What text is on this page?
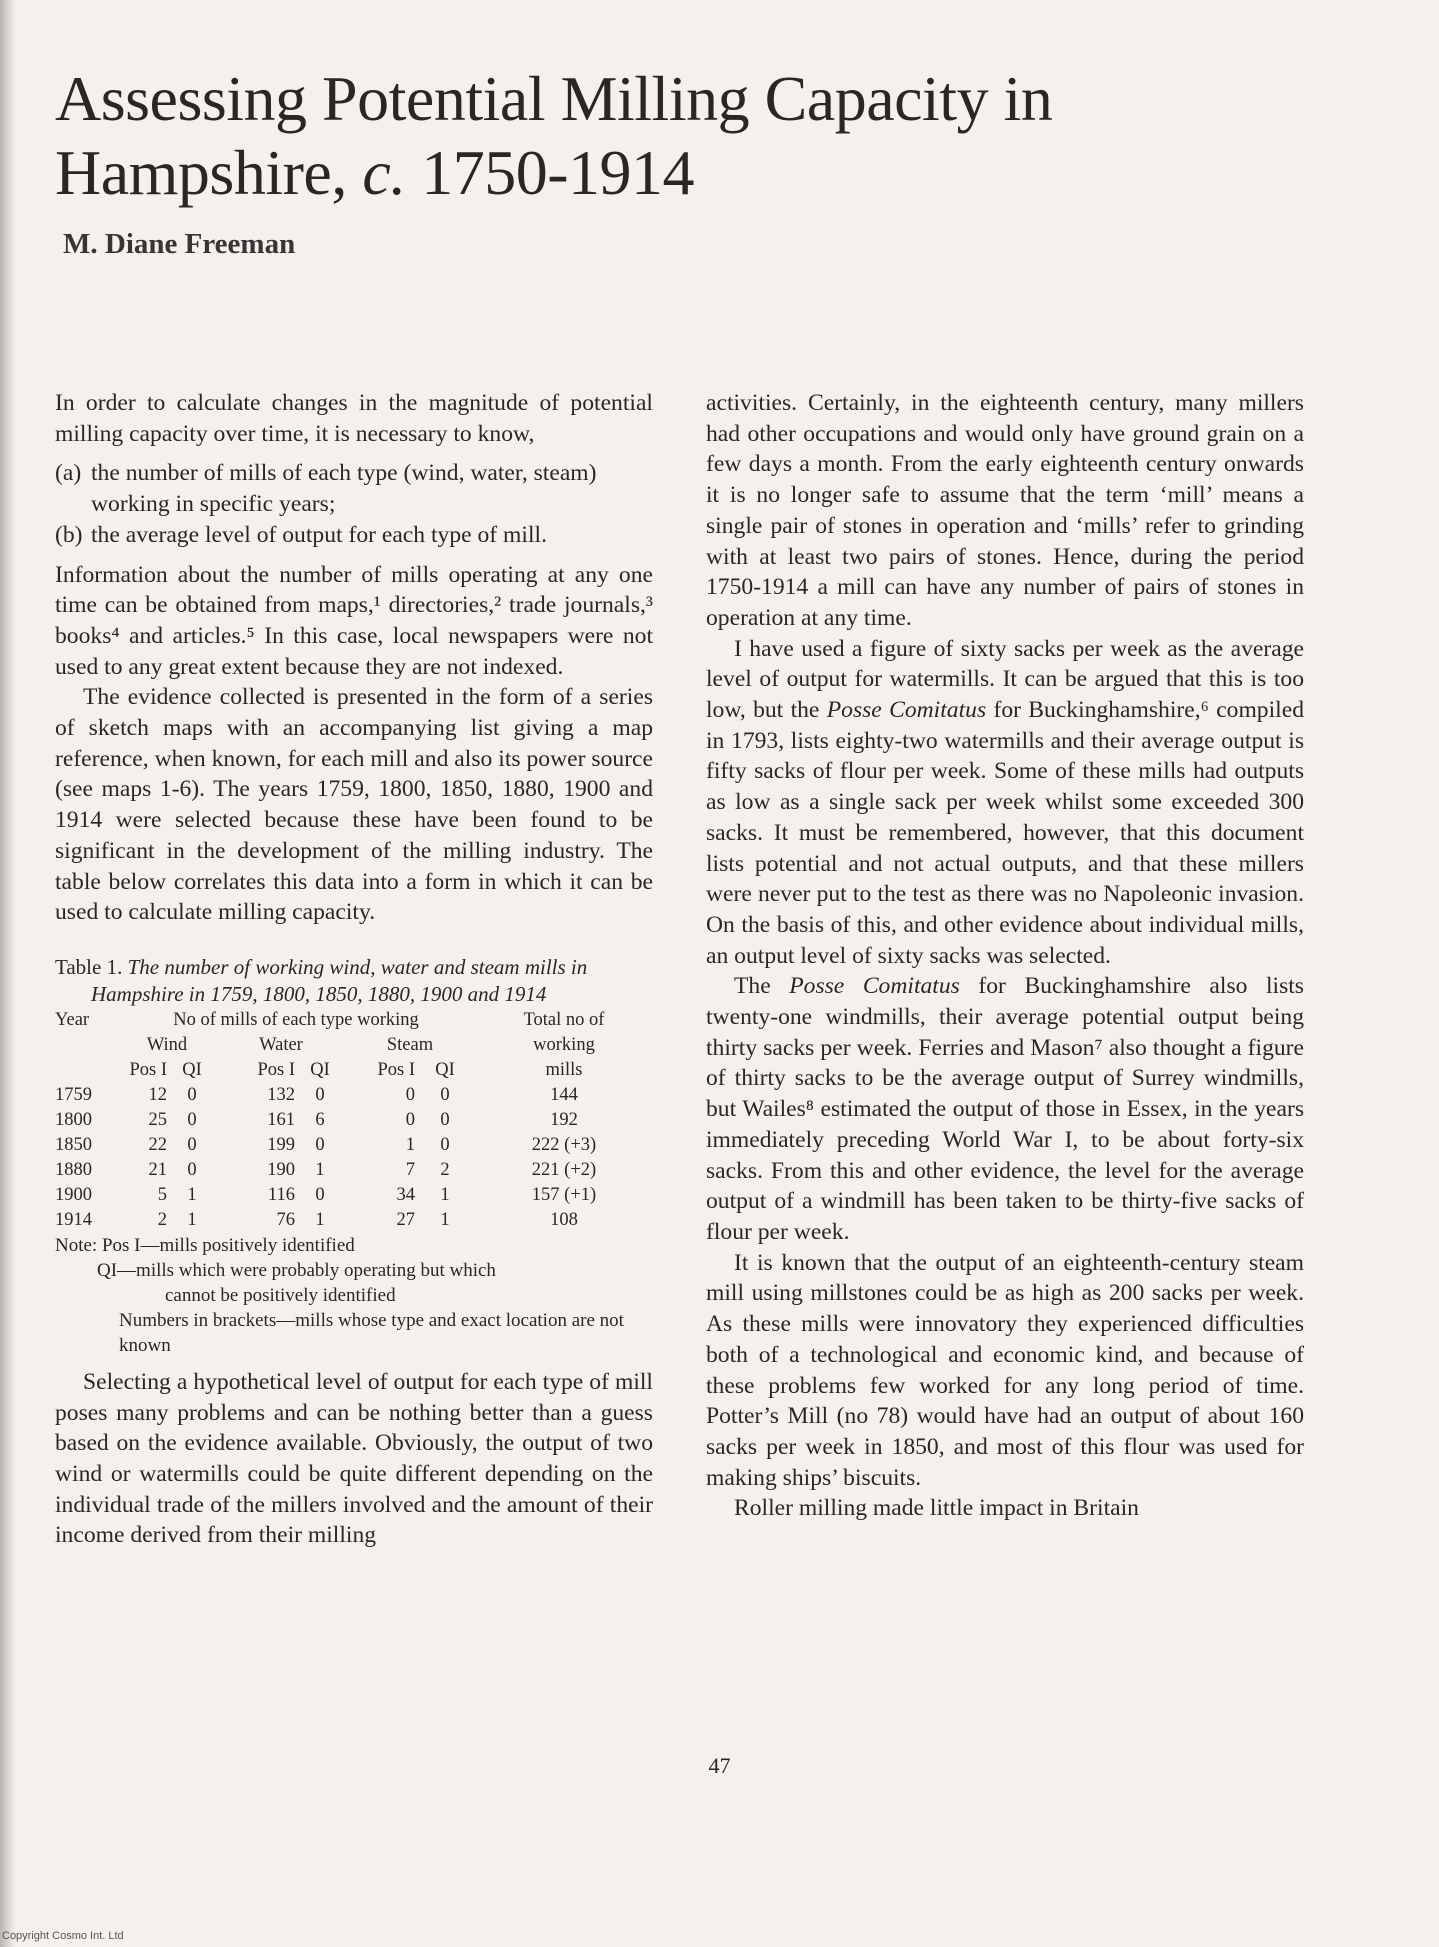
Assessing Potential Milling Capacity in
Hampshire, c. 1750-1914
M. Diane Freeman

In order to calculate changes in the magnitude of potential milling capacity over time, it is necessary to know,

(a) the number of mills of each type (wind, water, steam) working in specific years;
(b) the average level of output for each type of mill.

Information about the number of mills operating at any one time can be obtained from maps,¹ directories,² trade journals,³ books⁴ and articles.⁵ In this case, local newspapers were not used to any great extent because they are not indexed.

The evidence collected is presented in the form of a series of sketch maps with an accompanying list giving a map reference, when known, for each mill and also its power source (see maps 1-6). The years 1759, 1800, 1850, 1880, 1900 and 1914 were selected because these have been found to be significant in the development of the milling industry. The table below correlates this data into a form in which it can be used to calculate milling capacity.

Table 1. The number of working wind, water and steam mills in
Hampshire in 1759, 1800, 1850, 1880, 1900 and 1914

Year	No of mills of each type working						Total no of
	Wind		Water		Steam		working
	Pos I	QI	Pos I	QI	Pos I	QI	mills
1759	12	0	132	0	0	0	144
1800	25	0	161	6	0	0	192
1850	22	0	199	0	1	0	222 (+3)
1880	21	0	190	1	7	2	221 (+2)
1900	5	1	116	0	34	1	157 (+1)
1914	2	1	76	1	27	1	108
Note: Pos I—mills positively identified
QI—mills which were probably operating but which
cannot be positively identified
Numbers in brackets—mills whose type and exact location are not known

Selecting a hypothetical level of output for each type of mill poses many problems and can be nothing better than a guess based on the evidence available. Obviously, the output of two wind or watermills could be quite different depending on the individual trade of the millers involved and the amount of their income derived from their milling

activities. Certainly, in the eighteenth century, many millers had other occupations and would only have ground grain on a few days a month. From the early eighteenth century onwards it is no longer safe to assume that the term ‘mill’ means a single pair of stones in operation and ‘mills’ refer to grinding with at least two pairs of stones. Hence, during the period 1750-1914 a mill can have any number of pairs of stones in operation at any time.

I have used a figure of sixty sacks per week as the average level of output for watermills. It can be argued that this is too low, but the Posse Comitatus for Buckinghamshire,⁶ compiled in 1793, lists eighty-two watermills and their average output is fifty sacks of flour per week. Some of these mills had outputs as low as a single sack per week whilst some exceeded 300 sacks. It must be remembered, however, that this document lists potential and not actual outputs, and that these millers were never put to the test as there was no Napoleonic invasion. On the basis of this, and other evidence about individual mills, an output level of sixty sacks was selected.

The Posse Comitatus for Buckinghamshire also lists twenty-one windmills, their average potential output being thirty sacks per week. Ferries and Mason⁷ also thought a figure of thirty sacks to be the average output of Surrey windmills, but Wailes⁸ estimated the output of those in Essex, in the years immediately preceding World War I, to be about forty-six sacks. From this and other evidence, the level for the average output of a windmill has been taken to be thirty-five sacks of flour per week.

It is known that the output of an eighteenth-century steam mill using millstones could be as high as 200 sacks per week. As these mills were innovatory they experienced difficulties both of a technological and economic kind, and because of these problems few worked for any long period of time. Potter’s Mill (no 78) would have had an output of about 160 sacks per week in 1850, and most of this flour was used for making ships’ biscuits.

Roller milling made little impact in Britain

47
Copyright Cosmo Int. Ltd
